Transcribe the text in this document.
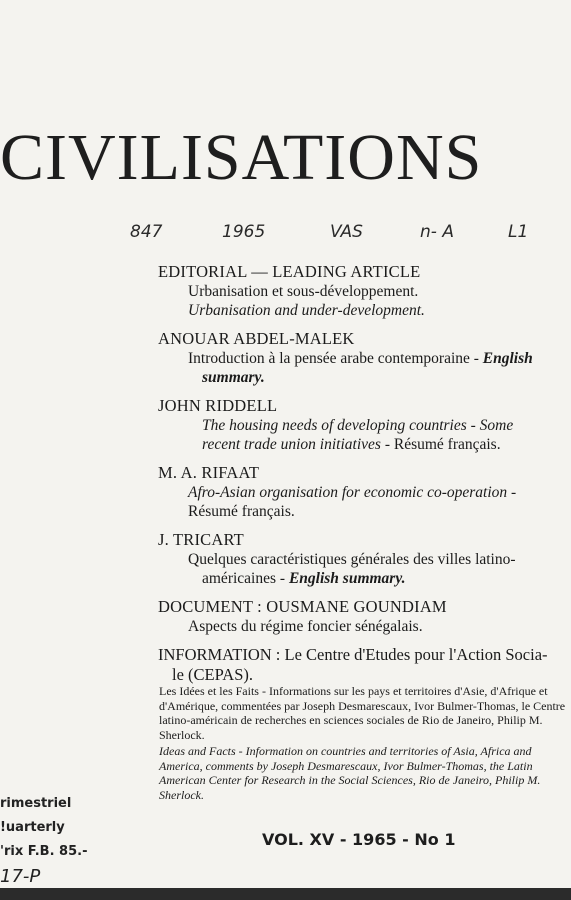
CIVILISATIONS
847	1965	VAS	n- A	L1
EDITORIAL — LEADING ARTICLE
Urbanisation et sous-développement.
Urbanisation and under-development.
ANOUAR ABDEL-MALEK
Introduction à la pensée arabe contemporaine - English
summary.
JOHN RIDDELL
The housing needs of developing countries - Some
recent trade union initiatives - Résumé français.
M. A. RIFAAT
Afro-Asian organisation for economic co-operation -
Résumé français.
J. TRICART
Quelques caractéristiques générales des villes latino-
américaines - English summary.
DOCUMENT : OUSMANE GOUNDIAM
Aspects du régime foncier sénégalais.
INFORMATION : Le Centre d'Etudes pour l'Action Socia-
le (CEPAS).

Les Idées et les Faits - Informations sur les pays et territoires d'Asie, d'Afrique et d'Amérique, commentées par Joseph Desmarescaux, Ivor Bulmer-Thomas, le Centre latino-américain de recherches en sciences sociales de Rio de Janeiro, Philip M. Sherlock.

Ideas and Facts - Information on countries and territories of Asia, Africa and America, comments by Joseph Desmarescaux, Ivor Bulmer-Thomas, the Latin American Center for Research in the Social Sciences, Rio de Janeiro, Philip M. Sherlock.

rimestriel
!uarterly
'rix F.B. 85.-
VOL. XV - 1965 - No 1
17-P
